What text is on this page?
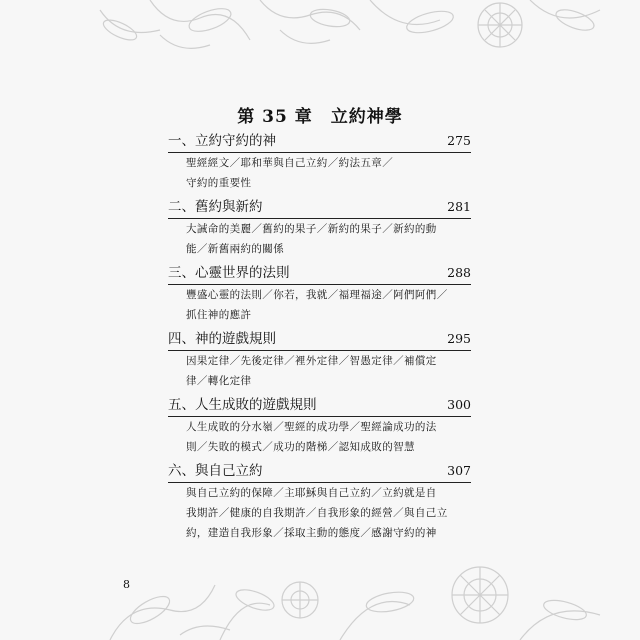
第 35 章　立約神學
一、立約守約的神	275
聖經經文／耶和華與自己立約／約法五章／
守約的重要性
二、舊約與新約	281
大誡命的美麗／舊約的果子／新約的果子／新約的動
能／新舊兩約的關係
三、心靈世界的法則	288
豐盛心靈的法則／你若，我就／福理福途／阿們阿們／
抓住神的應許
四、神的遊戲規則	295
因果定律／先後定律／裡外定律／智愚定律／補償定
律／轉化定律
五、人生成敗的遊戲規則	300
人生成敗的分水嶺／聖經的成功學／聖經論成功的法
則／失敗的模式／成功的階梯／認知成敗的智慧
六、與自己立約	307
與自己立約的保障／主耶穌與自己立約／立約就是自
我期許／健康的自我期許／自我形象的經營／與自己立
約，建造自我形象／採取主動的態度／感謝守約的神
8
